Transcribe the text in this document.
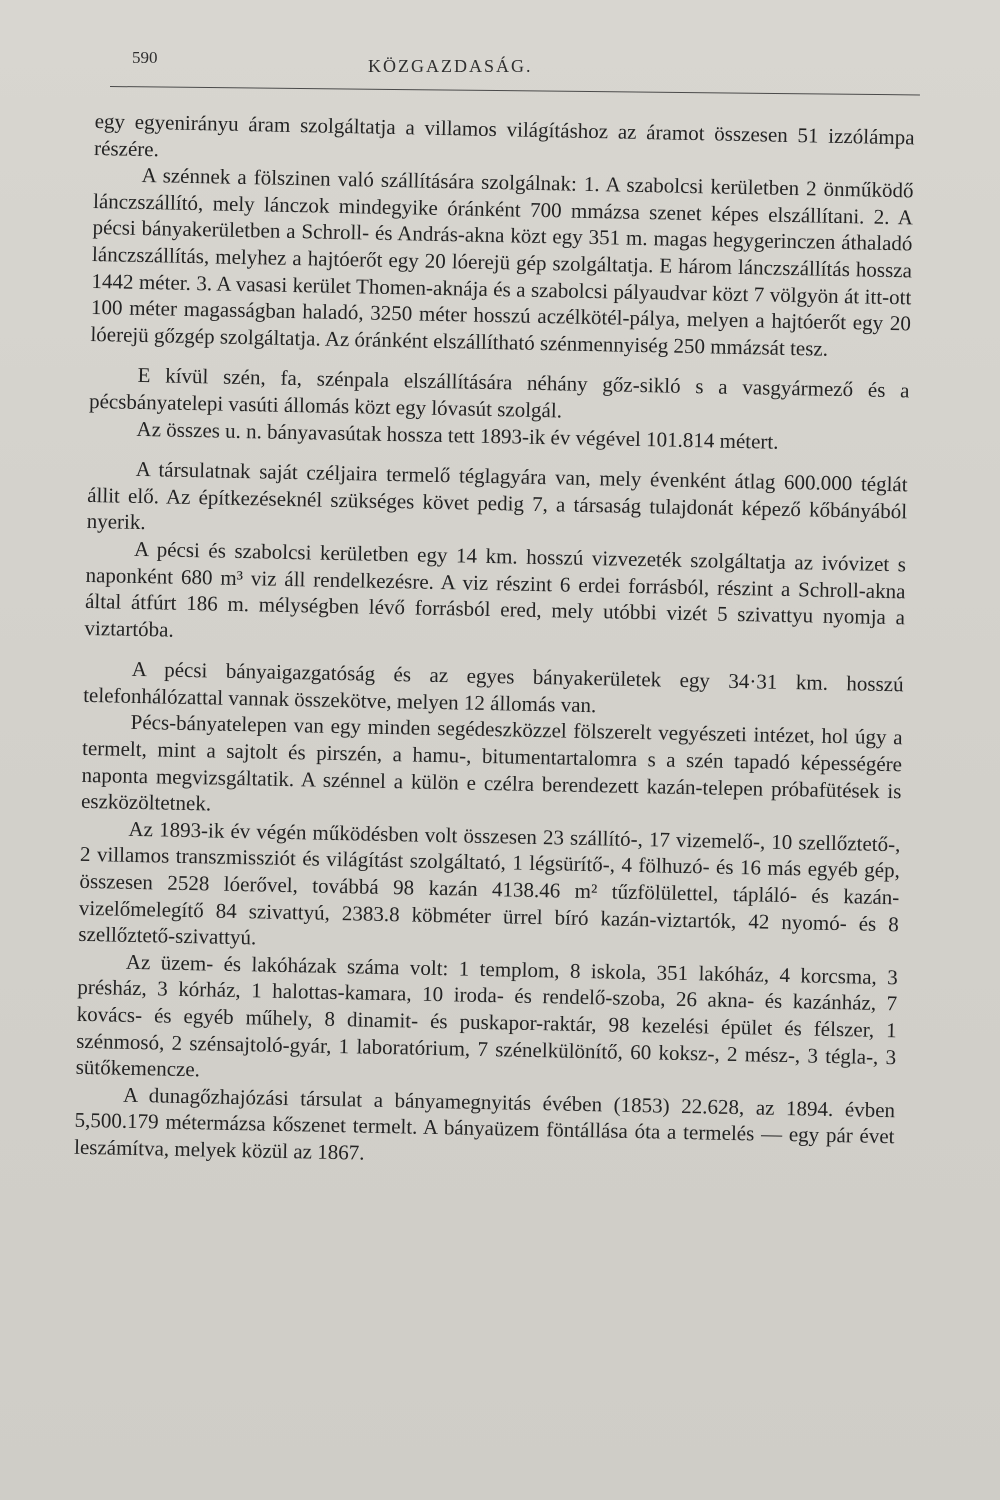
590	KÖZGAZDASÁG.

egy egyenirányu áram szolgáltatja a villamos világításhoz az áramot összesen 51 izzólámpa részére.

A szénnek a fölszinen való szállítására szolgálnak: 1. A szabolcsi kerületben 2 önműködő lánczszállító, mely lánczok mindegyike óránként 700 mmázsa szenet képes elszállítani. 2. A pécsi bányakerületben a Schroll- és András-akna közt egy 351 m. magas hegygerinczen áthaladó lánczszállítás, melyhez a hajtóerőt egy 20 lóerejü gép szolgáltatja. E három lánczszállítás hossza 1442 méter. 3. A vasasi kerület Thomen-aknája és a szabolcsi pályaudvar közt 7 völgyön át itt-ott 100 méter magasságban haladó, 3250 méter hosszú aczélkötél-pálya, melyen a hajtóerőt egy 20 lóerejü gőzgép szolgáltatja. Az óránként elszállítható szénmennyiség 250 mmázsát tesz.

E kívül szén, fa, szénpala elszállítására néhány gőz-sikló s a vasgyármező és a pécsbányatelepi vasúti állomás közt egy lóvasút szolgál.

Az összes u. n. bányavasútak hossza tett 1893-ik év végével 101.814 métert.

A társulatnak saját czéljaira termelő téglagyára van, mely évenként átlag 600.000 téglát állit elő. Az építkezéseknél szükséges követ pedig 7, a társaság tulajdonát képező kőbányából nyerik.

A pécsi és szabolcsi kerületben egy 14 km. hosszú vizvezeték szolgáltatja az ivóvizet s naponként 680 m³ viz áll rendelkezésre. A viz részint 6 erdei forrásból, részint a Schroll-akna által átfúrt 186 m. mélységben lévő forrásból ered, mely utóbbi vizét 5 szivattyu nyomja a viztartóba.

A pécsi bányaigazgatóság és az egyes bányakerületek egy 34·31 km. hosszú telefonhálózattal vannak összekötve, melyen 12 állomás van.

Pécs-bányatelepen van egy minden segédeszközzel fölszerelt vegyészeti intézet, hol úgy a termelt, mint a sajtolt és pirszén, a hamu-, bitumentartalomra s a szén tapadó képességére naponta megvizsgáltatik. A szénnel a külön e czélra berendezett kazán-telepen próbafütések is eszközöltetnek.

Az 1893-ik év végén működésben volt összesen 23 szállító-, 17 vizemelő-, 10 szellőztető-, 2 villamos transzmissziót és világítást szolgáltató, 1 légsürítő-, 4 fölhuzó- és 16 más egyéb gép, összesen 2528 lóerővel, továbbá 98 kazán 4138.46 m² tűzfölülettel, tápláló- és kazán-vizelőmelegítő 84 szivattyú, 2383.8 köbméter ürrel bíró kazán-viztartók, 42 nyomó- és 8 szellőztető-szivattyú.

Az üzem- és lakóházak száma volt: 1 templom, 8 iskola, 351 lakóház, 4 korcsma, 3 présház, 3 kórház, 1 halottas-kamara, 10 iroda- és rendelő-szoba, 26 akna- és kazánház, 7 kovács- és egyéb műhely, 8 dinamit- és puskapor-raktár, 98 kezelési épület és félszer, 1 szénmosó, 2 szénsajtoló-gyár, 1 laboratórium, 7 szénelkülönítő, 60 koksz-, 2 mész-, 3 tégla-, 3 sütőkemencze.

A dunagőzhajózási társulat a bányamegnyitás évében (1853) 22.628, az 1894. évben 5,500.179 métermázsa kőszenet termelt. A bányaüzem föntállása óta a termelés — egy pár évet leszámítva, melyek közül az 1867.
